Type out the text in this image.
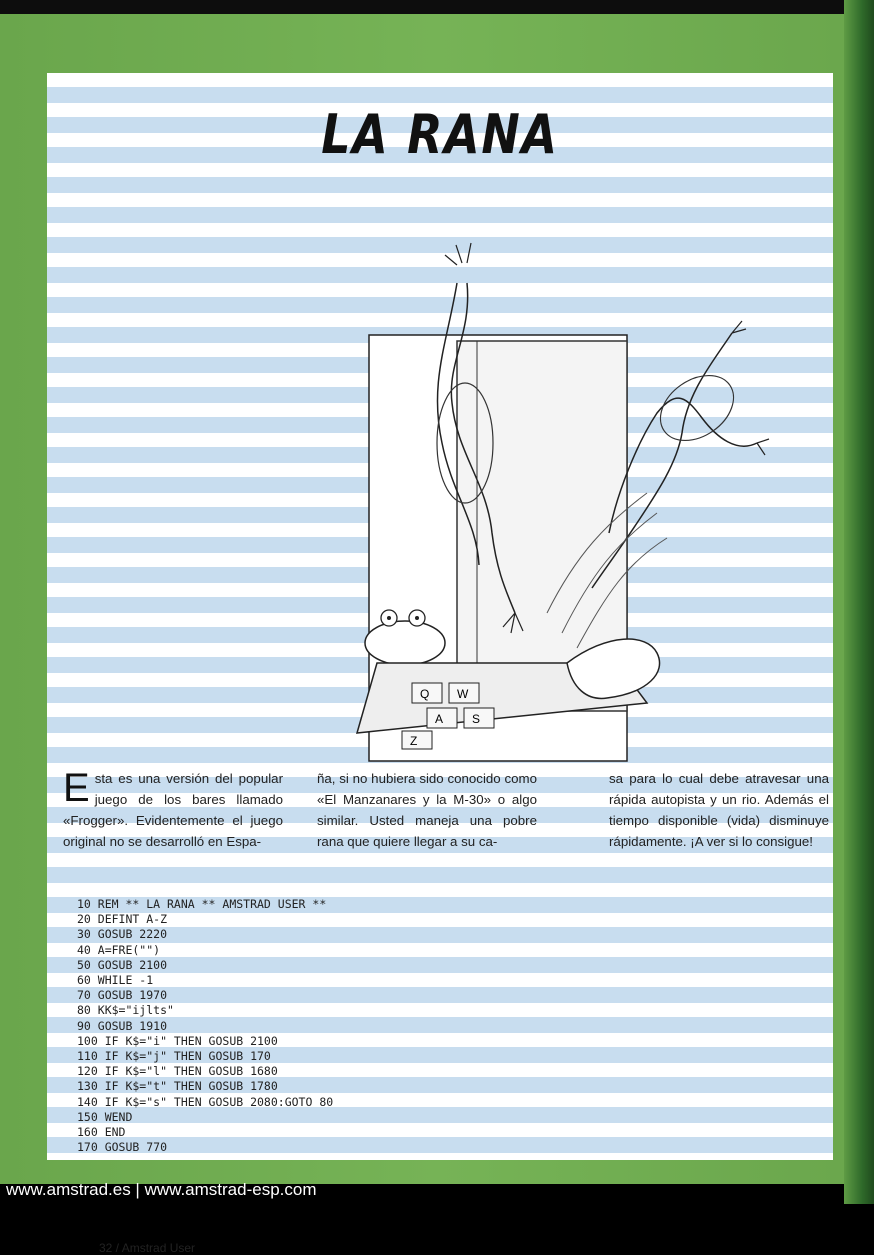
LA RANA
Q W
A S
Z
E sta es una versión del popular juego de los bares llamado «Frogger». Evidentemente el juego original no se desarrolló en Espa-
ña, si no hubiera sido conocido como «El Manzanares y la M-30» o algo similar. Usted maneja una pobre rana que quiere llegar a su ca-
sa para lo cual debe atravesar una rápida autopista y un rio. Además el tiempo disponible (vida) disminuye rápidamente. ¡A ver si lo consigue!
10 REM ** LA RANA ** AMSTRAD USER **
20 DEFINT A-Z
30 GOSUB 2220
40 A=FRE("")
50 GOSUB 2100
60 WHILE -1
70 GOSUB 1970
80 KK$="ijlts"
90 GOSUB 1910
100 IF K$="i" THEN GOSUB 2100
110 IF K$="j" THEN GOSUB 170
120 IF K$="l" THEN GOSUB 1680
130 IF K$="t" THEN GOSUB 1780
140 IF K$="s" THEN GOSUB 2080:GOTO 80
150 WEND
160 END
170 GOSUB 770
32 / Amstrad User
www.amstrad.es | www.amstrad-esp.com
